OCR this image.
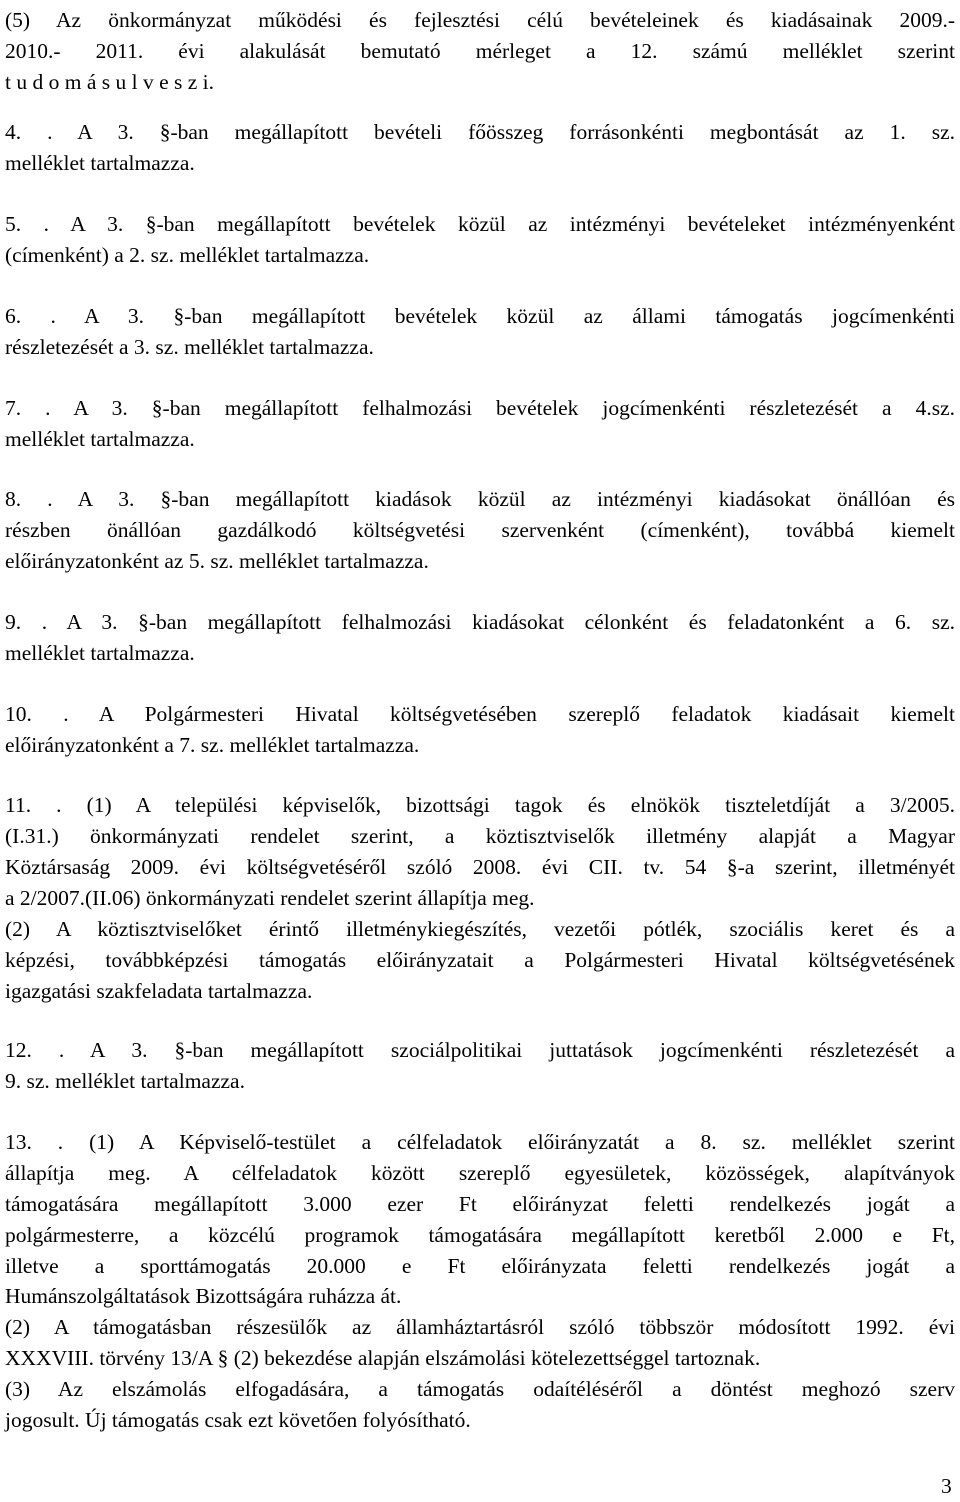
(5) Az önkormányzat működési és fejlesztési célú bevételeinek és kiadásainak 2009.-
2010.- 2011. évi alakulását bemutató mérleget a 12. számú melléklet szerint
t u d o m á s u l v e s z i.
4. . A 3. §-ban megállapított bevételi főösszeg forrásonkénti megbontását az 1. sz.
melléklet tartalmazza.
5. . A 3. §-ban megállapított bevételek közül az intézményi bevételeket intézményenként
(címenként) a 2. sz. melléklet tartalmazza.
6. . A 3. §-ban megállapított bevételek közül az állami támogatás jogcímenkénti
részletezését a 3. sz. melléklet tartalmazza.
7. . A 3. §-ban megállapított felhalmozási bevételek jogcímenkénti részletezését a 4.sz.
melléklet tartalmazza.
8. . A 3. §-ban megállapított kiadások közül az intézményi kiadásokat önállóan és
részben önállóan gazdálkodó költségvetési szervenként (címenként), továbbá kiemelt
előirányzatonként az 5. sz. melléklet tartalmazza.
9. . A 3. §-ban megállapított felhalmozási kiadásokat célonként és feladatonként a 6. sz.
melléklet tartalmazza.
10. . A Polgármesteri Hivatal költségvetésében szereplő feladatok kiadásait kiemelt
előirányzatonként a 7. sz. melléklet tartalmazza.
11. . (1) A települési képviselők, bizottsági tagok és elnökök tiszteletdíját a 3/2005.
(I.31.) önkormányzati rendelet szerint, a köztisztviselők illetmény alapját a Magyar
Köztársaság 2009. évi költségvetéséről szóló 2008. évi CII. tv. 54 §-a szerint, illetményét
a 2/2007.(II.06) önkormányzati rendelet szerint állapítja meg.
(2) A köztisztviselőket érintő illetménykiegészítés, vezetői pótlék, szociális keret és a
képzési, továbbképzési támogatás előirányzatait a Polgármesteri Hivatal költségvetésének
igazgatási szakfeladata tartalmazza.
12. . A 3. §-ban megállapított szociálpolitikai juttatások jogcímenkénti részletezését a
9. sz. melléklet tartalmazza.
13. . (1) A Képviselő-testület a célfeladatok előirányzatát a 8. sz. melléklet szerint
állapítja meg. A célfeladatok között szereplő egyesületek, közösségek, alapítványok
támogatására megállapított 3.000 ezer Ft előirányzat feletti rendelkezés jogát a
polgármesterre, a közcélú programok támogatására megállapított keretből 2.000 e Ft,
illetve a sporttámogatás 20.000 e Ft előirányzata feletti rendelkezés jogát a
Humánszolgáltatások Bizottságára ruházza át.
(2) A támogatásban részesülők az államháztartásról szóló többször módosított 1992. évi
XXXVIII. törvény 13/A § (2) bekezdése alapján elszámolási kötelezettséggel tartoznak.
(3) Az elszámolás elfogadására, a támogatás odaítéléséről a döntést meghozó szerv
jogosult. Új támogatás csak ezt követően folyósítható.
3
